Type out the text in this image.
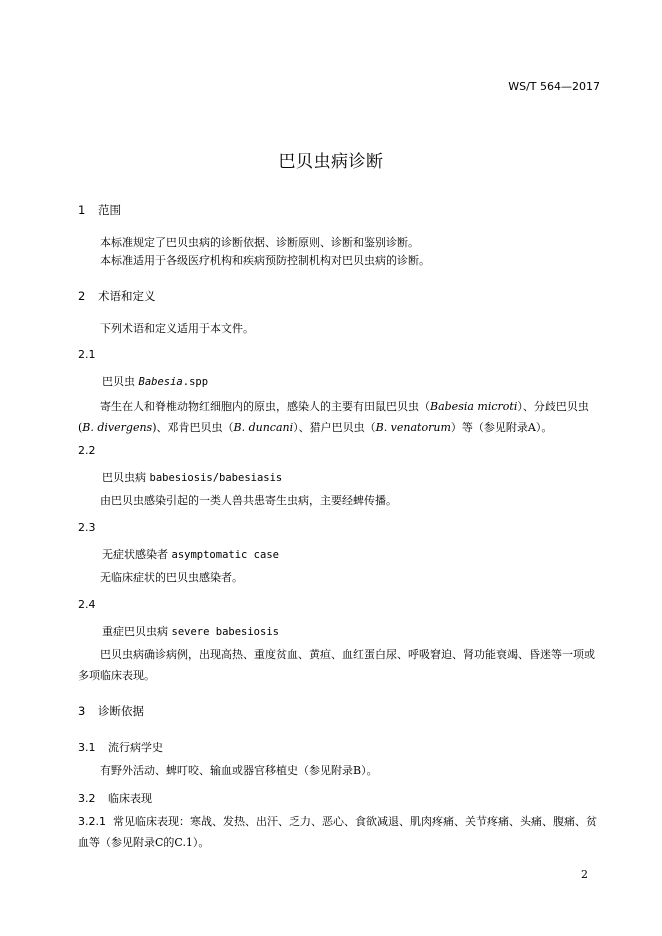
WS/T 564—2017
巴贝虫病诊断
1 范围
本标准规定了巴贝虫病的诊断依据、诊断原则、诊断和鉴别诊断。
本标准适用于各级医疗机构和疾病预防控制机构对巴贝虫病的诊断。
2 术语和定义
下列术语和定义适用于本文件。
2.1
巴贝虫 Babesia.spp
寄生在人和脊椎动物红细胞内的原虫，感染人的主要有田鼠巴贝虫（Babesia microti）、分歧巴贝虫(B. divergens)、邓肯巴贝虫（B. duncani）、猎户巴贝虫（B. venatorum）等（参见附录A）。
2.2
巴贝虫病 babesiosis/babesiasis
由巴贝虫感染引起的一类人兽共患寄生虫病，主要经蜱传播。
2.3
无症状感染者 asymptomatic case
无临床症状的巴贝虫感染者。
2.4
重症巴贝虫病 severe babesiosis
巴贝虫病确诊病例，出现高热、重度贫血、黄疸、血红蛋白尿、呼吸窘迫、肾功能衰竭、昏迷等一项或多项临床表现。
3 诊断依据
3.1 流行病学史
有野外活动、蜱叮咬、输血或器官移植史（参见附录B）。
3.2 临床表现
3.2.1 常见临床表现：寒战、发热、出汗、乏力、恶心、食欲减退、肌肉疼痛、关节疼痛、头痛、腹痛、贫血等（参见附录C的C.1）。
2
